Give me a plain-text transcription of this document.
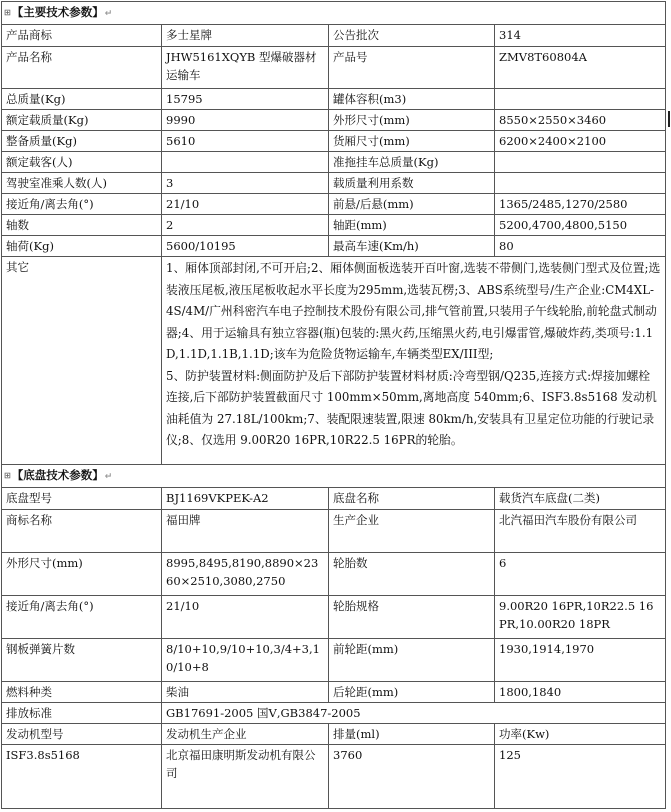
⊞【主要技术参数】↵			
产品商标	多士星牌	公告批次	314
产品名称	JHW5161XQYB 型爆破器材运输车	产品号	ZMV8T60804A
总质量(Kg)	15795	罐体容积(m3)	
额定载质量(Kg)	9990	外形尺寸(mm)	8550×2550×3460
整备质量(Kg)	5610	货厢尺寸(mm)	6200×2400×2100
额定载客(人)		准拖挂车总质量(Kg)	
驾驶室准乘人数(人)	3	载质量利用系数	
接近角/离去角(°)	21/10	前悬/后悬(mm)	1365/2485,1270/2580
轴数	2	轴距(mm)	5200,4700,4800,5150
轴荷(Kg)	5600/10195	最高车速(Km/h)	80
其它	1、厢体顶部封闭,不可开启;2、厢体侧面板选装开百叶窗,选装不带侧门,选装侧门型式及位置;选装液压尾板,液压尾板收起水平长度为295mm,选装瓦楞;3、ABS系统型号/生产企业:CM4XL-4S/4M/广州科密汽车电子控制技术股份有限公司,排气管前置,只装用子午线轮胎,前轮盘式制动器;4、用于运输具有独立容器(瓶)包装的:黑火药,压缩黑火药,电引爆雷管,爆破炸药,类项号:1.1D,1.1D,1.1B,1.1D;该车为危险货物运输车,车辆类型EX/III型;
5、防护装置材料:侧面防护及后下部防护装置材料材质:冷弯型钢/Q235,连接方式:焊接加螺栓连接,后下部防护装置截面尺寸 100mm×50mm,离地高度 540mm;6、ISF3.8s5168 发动机油耗值为 27.18L/100km;7、装配限速装置,限速 80km/h,安装具有卫星定位功能的行驶记录仪;8、仅选用 9.00R20 16PR,10R22.5 16PR的轮胎。		

⊞【底盘技术参数】↵			
底盘型号	BJ1169VKPEK-A2	底盘名称	载货汽车底盘(二类)
商标名称	福田牌	生产企业	北汽福田汽车股份有限公司
外形尺寸(mm)	8995,8495,8190,8890×2360×2510,3080,2750	轮胎数	6
接近角/离去角(°)	21/10	轮胎规格	9.00R20 16PR,10R22.5 16PR,10.00R20 18PR
钢板弹簧片数	8/10+10,9/10+10,3/4+3,10/10+8	前轮距(mm)	1930,1914,1970
燃料种类	柴油	后轮距(mm)	1800,1840
排放标准	GB17691-2005 国Ⅴ,GB3847-2005		
发动机型号	发动机生产企业	排量(ml)	功率(Kw)
ISF3.8s5168	北京福田康明斯发动机有限公司	3760	125
